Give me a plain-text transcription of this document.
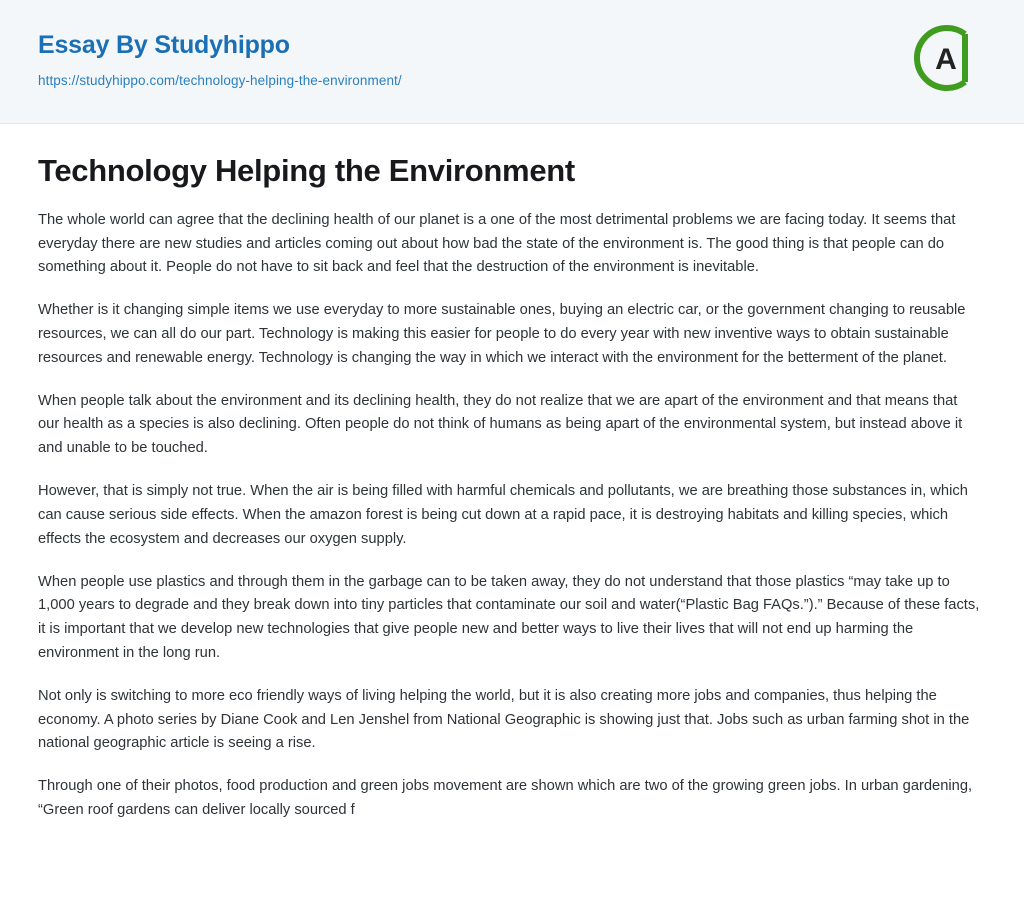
Essay By Studyhippo
https://studyhippo.com/technology-helping-the-environment/
A
Technology Helping the Environment

The whole world can agree that the declining health of our planet is a one of the most detrimental problems we are facing today. It seems that everyday there are new studies and articles coming out about how bad the state of the environment is. The good thing is that people can do something about it. People do not have to sit back and feel that the destruction of the environment is inevitable.

Whether is it changing simple items we use everyday to more sustainable ones, buying an electric car, or the government changing to reusable resources, we can all do our part. Technology is making this easier for people to do every year with new inventive ways to obtain sustainable resources and renewable energy. Technology is changing the way in which we interact with the environment for the betterment of the planet.

When people talk about the environment and its declining health, they do not realize that we are apart of the environment and that means that our health as a species is also declining. Often people do not think of humans as being apart of the environmental system, but instead above it and unable to be touched.

However, that is simply not true. When the air is being filled with harmful chemicals and pollutants, we are breathing those substances in, which can cause serious side effects. When the amazon forest is being cut down at a rapid pace, it is destroying habitats and killing species, which effects the ecosystem and decreases our oxygen supply.

When people use plastics and through them in the garbage can to be taken away, they do not understand that those plastics “may take up to 1,000 years to degrade and they break down into tiny particles that contaminate our soil and water(“Plastic Bag FAQs.”).” Because of these facts, it is important that we develop new technologies that give people new and better ways to live their lives that will not end up harming the environment in the long run.

Not only is switching to more eco friendly ways of living helping the world, but it is also creating more jobs and companies, thus helping the economy. A photo series by Diane Cook and Len Jenshel from National Geographic is showing just that. Jobs such as urban farming shot in the national geographic article is seeing a rise.

Through one of their photos, food production and green jobs movement are shown which are two of the growing green jobs. In urban gardening, “Green roof gardens can deliver locally sourced f
